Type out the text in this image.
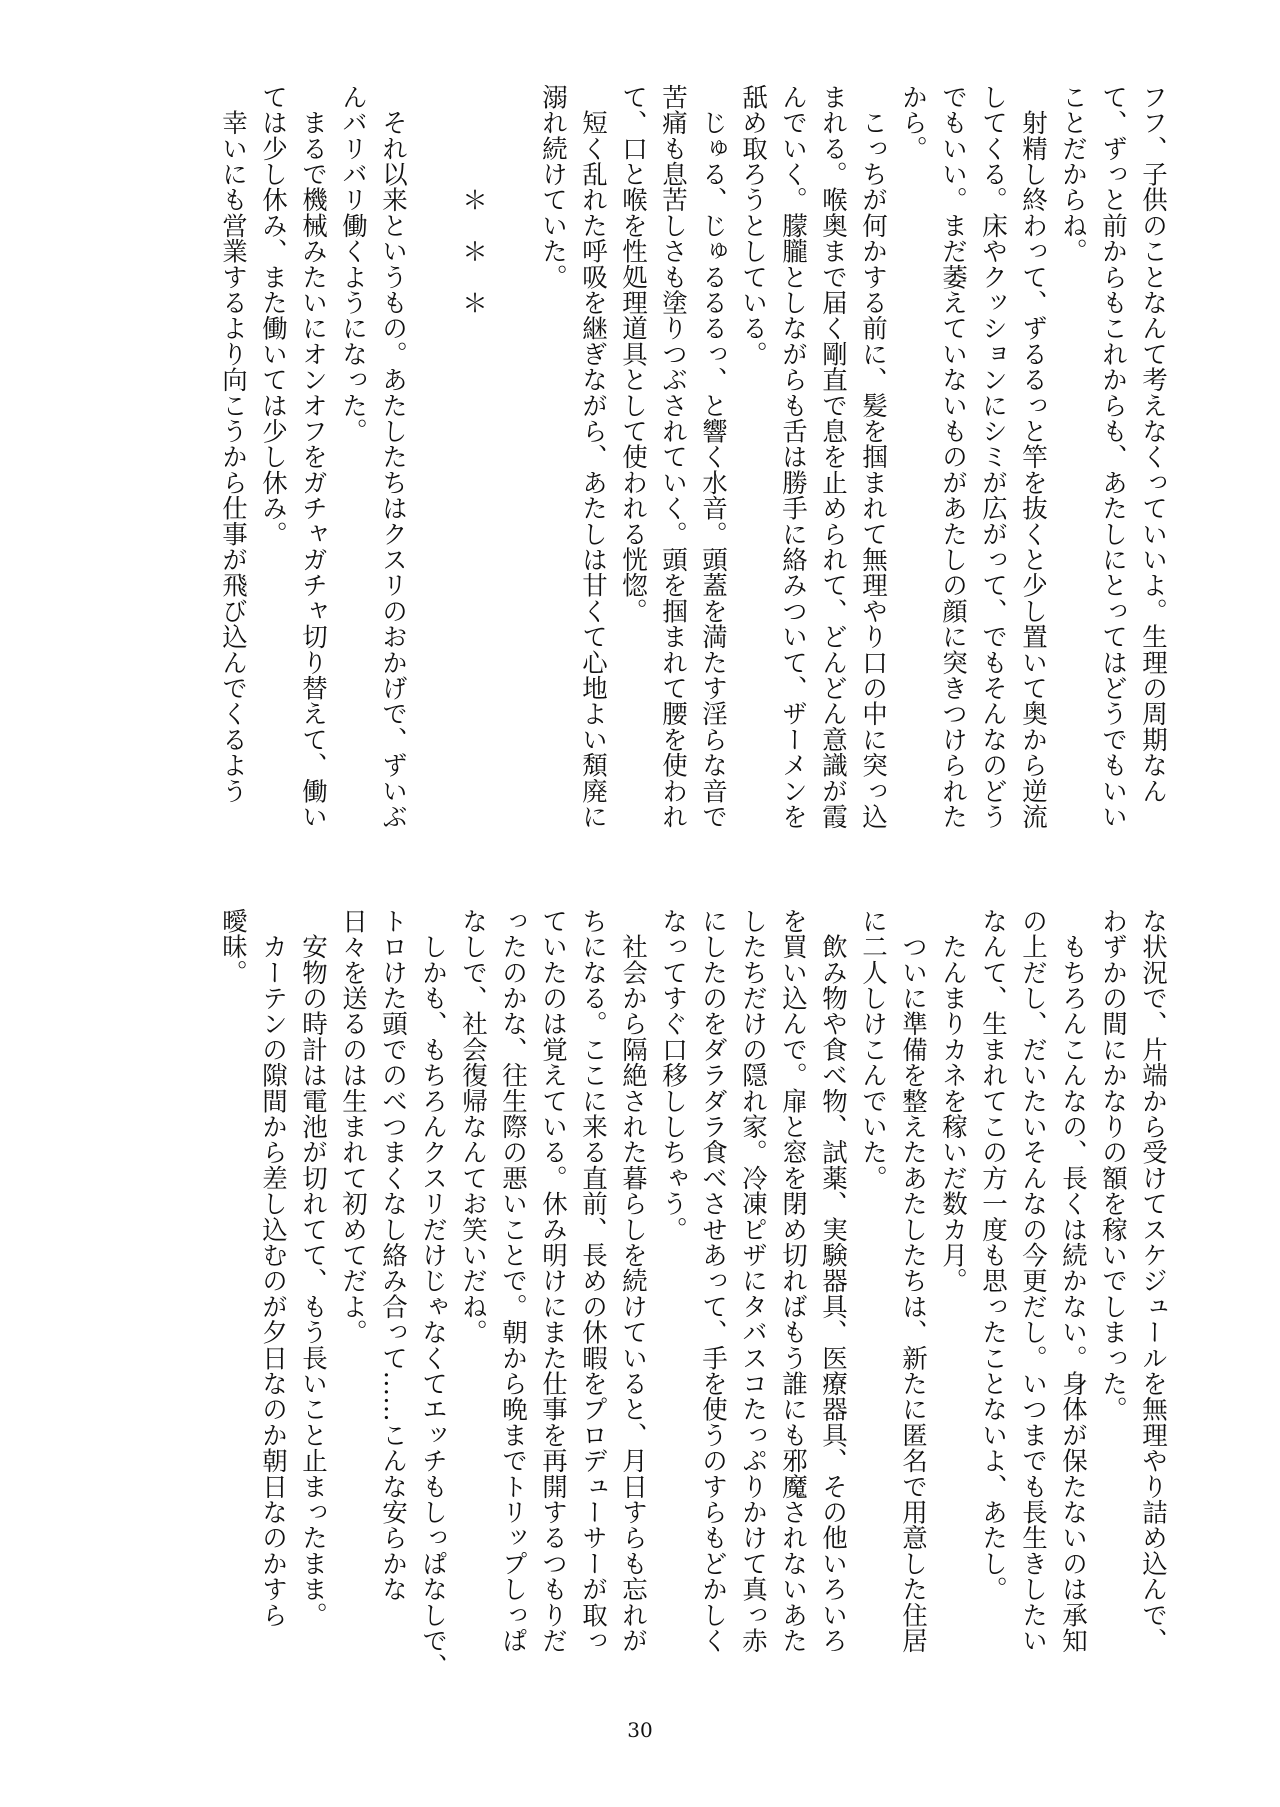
フフ、子供のことなんて考えなくっていいよ。生理の周期なん
て、ずっと前からもこれからも、あたしにとってはどうでもいい
ことだからね。
　射精し終わって、ずるるっと竿を抜くと少し置いて奥から逆流
してくる。床やクッションにシミが広がって、でもそんなのどう
でもいい。まだ萎えていないものがあたしの顔に突きつけられた
から。
　こっちが何かする前に、髪を掴まれて無理やり口の中に突っ込
まれる。喉奥まで届く剛直で息を止められて、どんどん意識が霞
んでいく。朦朧としながらも舌は勝手に絡みついて、ザーメンを
舐め取ろうとしている。
　じゅる、じゅるるるっ、と響く水音。頭蓋を満たす淫らな音で
苦痛も息苦しさも塗りつぶされていく。頭を掴まれて腰を使われ
て、口と喉を性処理道具として使われる恍惚。
　短く乱れた呼吸を継ぎながら、あたしは甘くて心地よい頽廃に
溺れ続けていた。
　　　　＊　＊　＊
　それ以来というもの。あたしたちはクスリのおかげで、ずいぶ
んバリバリ働くようになった。
　まるで機械みたいにオンオフをガチャガチャ切り替えて、働い
ては少し休み、また働いては少し休み。
　幸いにも営業するより向こうから仕事が飛び込んでくるよう
な状況で、片端から受けてスケジュールを無理やり詰め込んで、
わずかの間にかなりの額を稼いでしまった。
　もちろんこんなの、長くは続かない。身体が保たないのは承知
の上だし、だいたいそんなの今更だし。いつまでも長生きしたい
なんて、生まれてこの方一度も思ったことないよ、あたし。
　たんまりカネを稼いだ数カ月。
　ついに準備を整えたあたしたちは、新たに匿名で用意した住居
に二人しけこんでいた。
　飲み物や食べ物、試薬、実験器具、医療器具、その他いろいろ
を買い込んで。扉と窓を閉め切ればもう誰にも邪魔されないあた
したちだけの隠れ家。冷凍ピザにタバスコたっぷりかけて真っ赤
にしたのをダラダラ食べさせあって、手を使うのすらもどかしく
なってすぐ口移ししちゃう。
　社会から隔絶された暮らしを続けていると、月日すらも忘れが
ちになる。ここに来る直前、長めの休暇をプロデューサーが取っ
ていたのは覚えている。休み明けにまた仕事を再開するつもりだ
ったのかな、往生際の悪いことで。朝から晩までトリップしっぱ
なしで、社会復帰なんてお笑いだね。
　しかも、もちろんクスリだけじゃなくてエッチもしっぱなしで、
トロけた頭でのべつまくなし絡み合って……こんな安らかな
日々を送るのは生まれて初めてだよ。
　安物の時計は電池が切れてて、もう長いこと止まったまま。
　カーテンの隙間から差し込むのが夕日なのか朝日なのかすら
曖昧。
30
